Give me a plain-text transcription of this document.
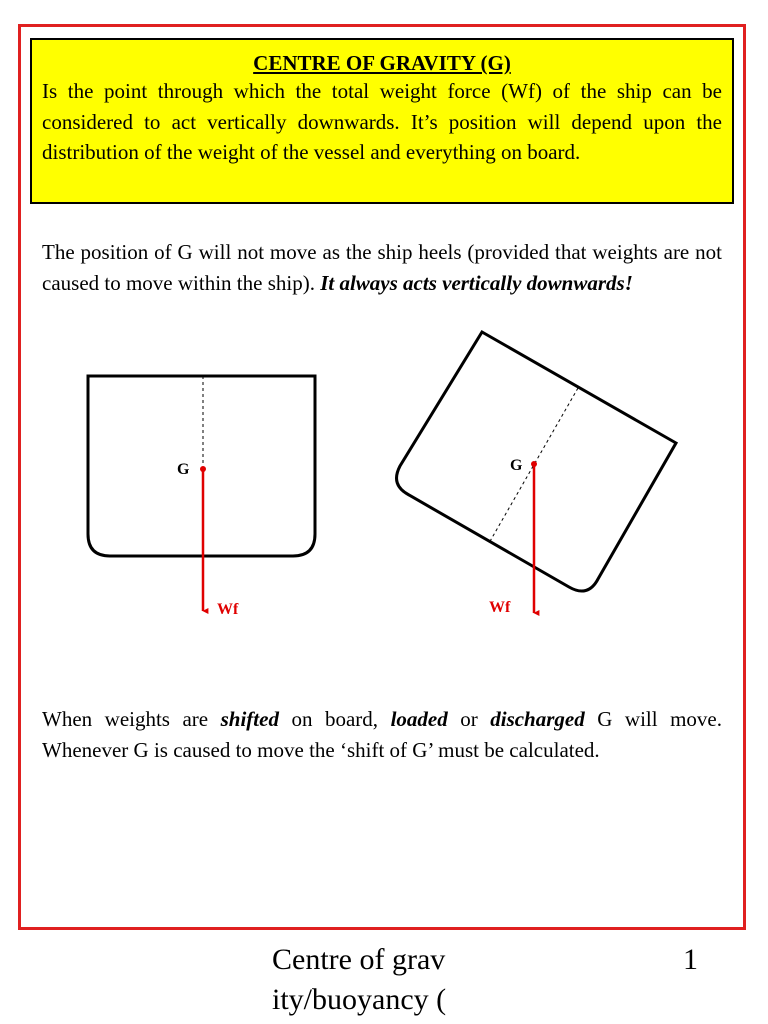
CENTRE OF GRAVITY (G)

Is the point through which the total weight force (Wf) of the ship can be considered to act vertically downwards. It’s position will depend upon the distribution of the weight of the vessel and everything on board.

The position of G will not move as the ship heels (provided that weights are not caused to move within the ship). It always acts vertically downwards!

G
Wf
G
Wf

When weights are shifted on board, loaded or discharged G will move. Whenever G is caused to move the ‘shift of G’ must be calculated.

Centre of grav ity/buoyancy (

1
